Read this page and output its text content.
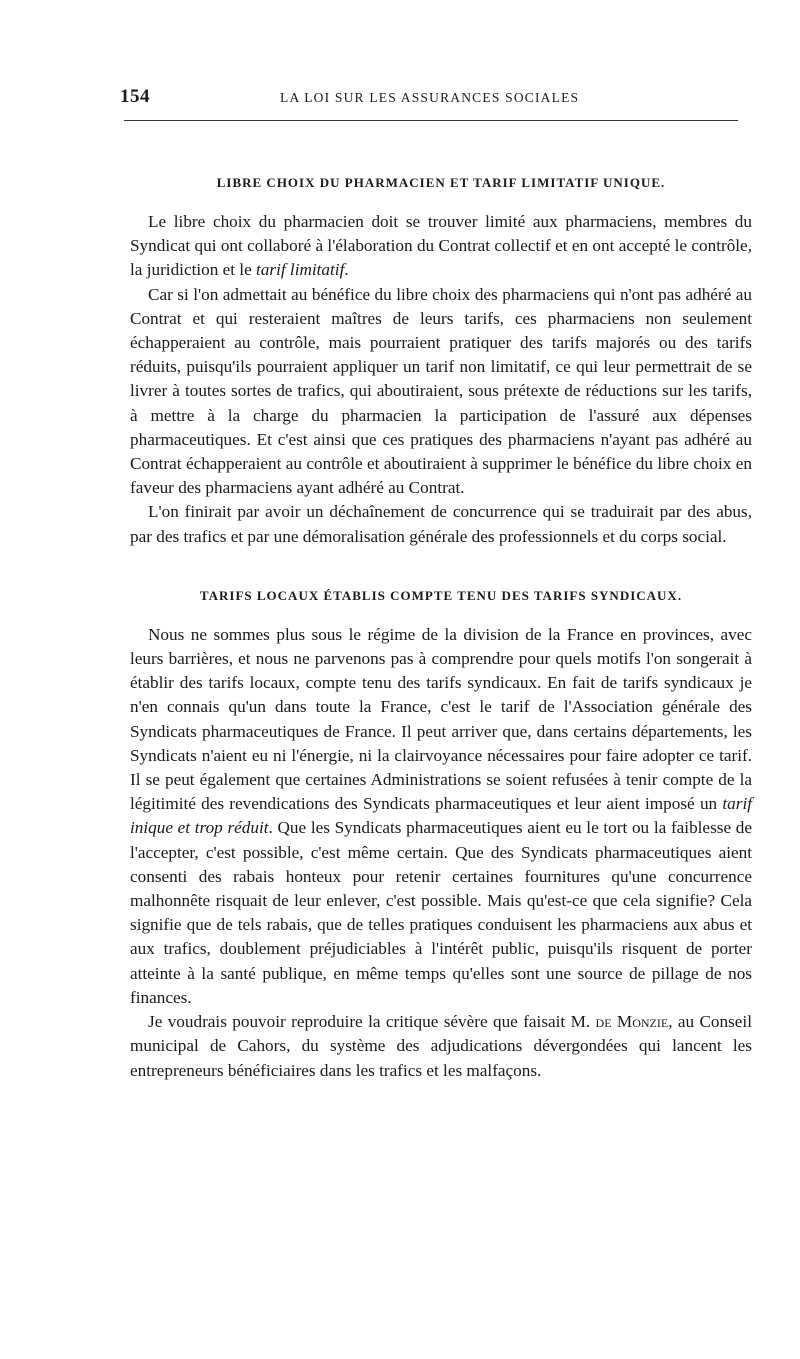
154	LA LOI SUR LES ASSURANCES SOCIALES
LIBRE CHOIX DU PHARMACIEN ET TARIF LIMITATIF UNIQUE.

Le libre choix du pharmacien doit se trouver limité aux pharmaciens, membres du Syndicat qui ont collaboré à l'élaboration du Contrat collectif et en ont accepté le contrôle, la juridiction et le tarif limitatif.

Car si l'on admettait au bénéfice du libre choix des pharmaciens qui n'ont pas adhéré au Contrat et qui resteraient maîtres de leurs tarifs, ces pharmaciens non seulement échapperaient au contrôle, mais pourraient pratiquer des tarifs majorés ou des tarifs réduits, puisqu'ils pourraient appliquer un tarif non limitatif, ce qui leur permettrait de se livrer à toutes sortes de trafics, qui aboutiraient, sous prétexte de réductions sur les tarifs, à mettre à la charge du pharmacien la participation de l'assuré aux dépenses pharmaceutiques. Et c'est ainsi que ces pratiques des pharmaciens n'ayant pas adhéré au Contrat échapperaient au contrôle et aboutiraient à supprimer le bénéfice du libre choix en faveur des pharmaciens ayant adhéré au Contrat.

L'on finirait par avoir un déchaînement de concurrence qui se traduirait par des abus, par des trafics et par une démoralisation générale des professionnels et du corps social.

TARIFS LOCAUX ÉTABLIS COMPTE TENU DES TARIFS SYNDICAUX.

Nous ne sommes plus sous le régime de la division de la France en provinces, avec leurs barrières, et nous ne parvenons pas à comprendre pour quels motifs l'on songerait à établir des tarifs locaux, compte tenu des tarifs syndicaux. En fait de tarifs syndicaux je n'en connais qu'un dans toute la France, c'est le tarif de l'Association générale des Syndicats pharmaceutiques de France. Il peut arriver que, dans certains départements, les Syndicats n'aient eu ni l'énergie, ni la clairvoyance nécessaires pour faire adopter ce tarif. Il se peut également que certaines Administrations se soient refusées à tenir compte de la légitimité des revendications des Syndicats pharmaceutiques et leur aient imposé un tarif inique et trop réduit. Que les Syndicats pharmaceutiques aient eu le tort ou la faiblesse de l'accepter, c'est possible, c'est même certain. Que des Syndicats pharmaceutiques aient consenti des rabais honteux pour retenir certaines fournitures qu'une concurrence malhonnête risquait de leur enlever, c'est possible. Mais qu'est-ce que cela signifie? Cela signifie que de tels rabais, que de telles pratiques conduisent les pharmaciens aux abus et aux trafics, doublement préjudiciables à l'intérêt public, puisqu'ils risquent de porter atteinte à la santé publique, en même temps qu'elles sont une source de pillage de nos finances.

Je voudrais pouvoir reproduire la critique sévère que faisait M. de Monzie, au Conseil municipal de Cahors, du système des adjudications dévergondées qui lancent les entrepreneurs bénéficiaires dans les trafics et les malfaçons.
